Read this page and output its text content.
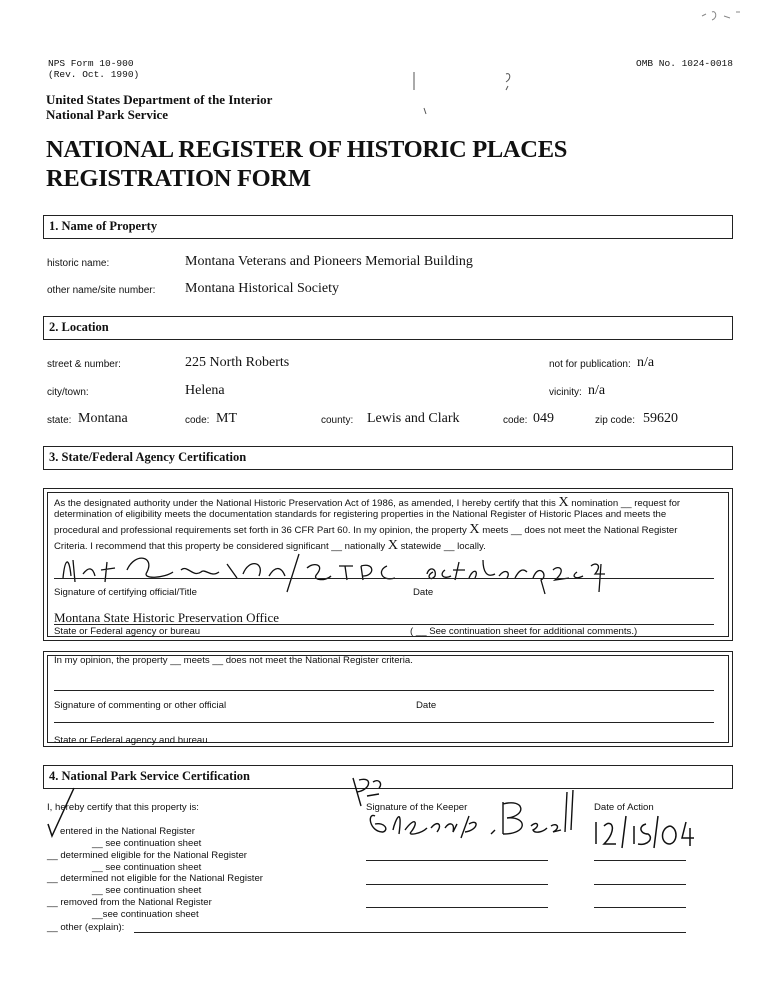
NPS Form 10-900
(Rev. Oct. 1990)
OMB No. 1024-0018
United States Department of the Interior
National Park Service
NATIONAL REGISTER OF HISTORIC PLACES
REGISTRATION FORM
1. Name of Property
historic name:	Montana Veterans and Pioneers Memorial Building
other name/site number: Montana Historical Society
2. Location
street & number:	225 North Roberts	not for publication: n/a
city/town:	Helena	vicinity: n/a
state: Montana	code: MT	county: Lewis and Clark	code: 049	zip code: 59620
3. State/Federal Agency Certification
As the designated authority under the National Historic Preservation Act of 1986, as amended, I hereby certify that this X nomination __ request for
determination of eligibility meets the documentation standards for registering properties in the National Register of Historic Places and meets the
procedural and professional requirements set forth in 36 CFR Part 60. In my opinion, the property X meets __ does not meet the National Register
Criteria. I recommend that this property be considered significant __ nationally X statewide __ locally.
Signature of certifying official/Title	Date
Montana State Historic Preservation Office
State or Federal agency or bureau	( __ See continuation sheet for additional comments.)
In my opinion, the property __ meets __ does not meet the National Register criteria.
Signature of commenting or other official	Date
State or Federal agency and bureau
4. National Park Service Certification
I, hereby certify that this property is:	Signature of the Keeper	Date of Action
entered in the National Register
__ see continuation sheet
__ determined eligible for the National Register
__ see continuation sheet
__ determined not eligible for the National Register
__ see continuation sheet
__ removed from the National Register
__see continuation sheet
__ other (explain):
